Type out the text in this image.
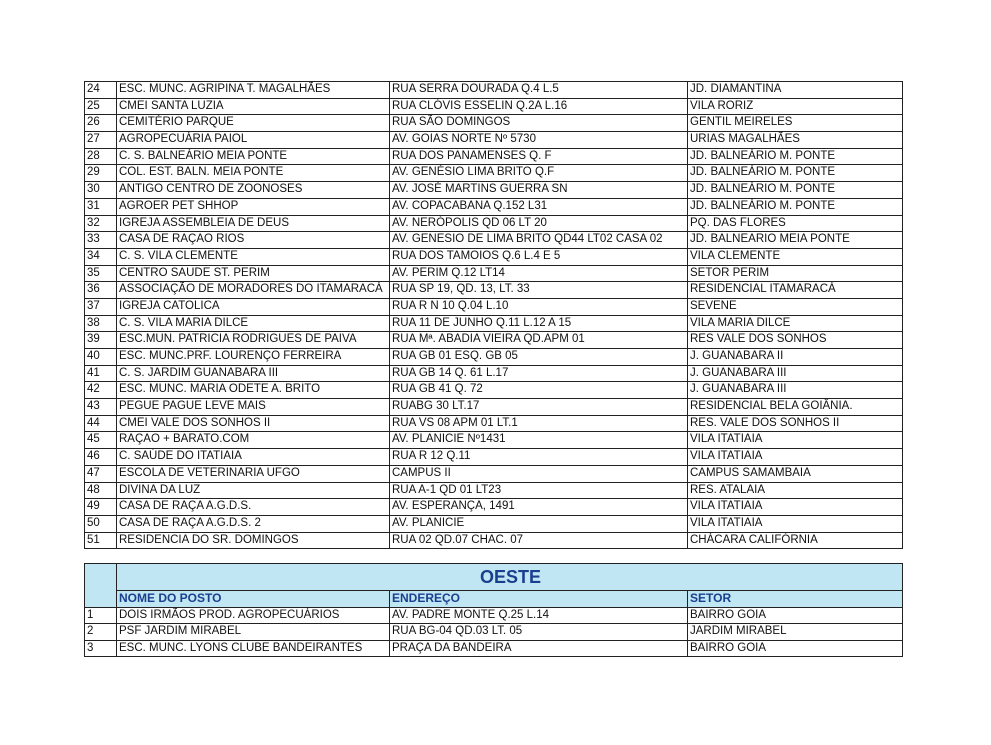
24	ESC. MUNC. AGRIPINA T. MAGALHÃES	RUA SERRA DOURADA Q.4 L.5	JD. DIAMANTINA
25	CMEI SANTA LUZIA	RUA CLÓVIS ESSELIN Q.2A L.16	VILA RORIZ
26	CEMITÉRIO PARQUE	RUA SÃO DOMINGOS	GENTIL MEIRELES
27	AGROPECUÁRIA PAIOL	AV. GOIAS NORTE Nº 5730	URIAS MAGALHÃES
28	C. S. BALNEÁRIO MEIA PONTE	RUA DOS PANAMENSES Q. F	JD. BALNEÁRIO M. PONTE
29	COL. EST. BALN. MEIA PONTE	AV. GENÉSIO LIMA BRITO Q.F	JD. BALNEÁRIO M. PONTE
30	ANTIGO CENTRO DE ZOONOSES	AV. JOSÉ MARTINS GUERRA SN	JD. BALNEÁRIO M. PONTE
31	AGROER PET SHHOP	AV. COPACABANA Q.152 L31	JD. BALNEÁRIO M. PONTE
32	IGREJA ASSEMBLEIA DE DEUS	AV. NERÓPOLIS QD 06 LT 20	PQ. DAS FLORES
33	CASA DE RAÇAO RIOS	AV. GENESIO DE LIMA BRITO QD44 LT02 CASA 02	JD. BALNEARIO MEIA PONTE
34	C. S. VILA CLEMENTE	RUA DOS TAMOIOS Q.6 L.4 E 5	VILA CLEMENTE
35	CENTRO SAUDE ST. PERIM	AV. PERIM Q.12 LT14	SETOR PERIM
36	ASSOCIAÇÃO DE MORADORES DO ITAMARACÁ	RUA SP 19, QD. 13, LT. 33	RESIDENCIAL ITAMARACÁ
37	IGREJA CATOLICA	RUA R N 10 Q.04 L.10	SEVENE
38	C. S. VILA MARIA DILCE	RUA 11 DE JUNHO Q.11 L.12 A 15	VILA MARIA DILCE
39	ESC.MUN. PATRICIA RODRIGUES DE PAIVA	RUA Mª. ABADIA VIEIRA QD.APM 01	RES VALE DOS SONHOS
40	ESC. MUNC.PRF. LOURENÇO FERREIRA	RUA GB 01 ESQ. GB 05	J. GUANABARA II
41	C. S. JARDIM GUANABARA III	RUA GB 14 Q. 61 L.17	J. GUANABARA III
42	ESC. MUNC. MARIA ODETE A. BRITO	RUA GB 41 Q. 72	J. GUANABARA III
43	PEGUE PAGUE LEVE MAIS	RUABG 30 LT.17	RESIDENCIAL BELA GOIÂNIA.
44	CMEI VALE DOS SONHOS II	RUA VS 08 APM 01 LT.1	RES. VALE DOS SONHOS II
45	RAÇAO + BARATO.COM	AV. PLANICIE Nº1431	VILA ITATIAIA
46	C. SAÚDE DO ITATIAIA	RUA R 12 Q.11	VILA ITATIAIA
47	ESCOLA DE VETERINARIA UFGO	CAMPUS II	CAMPUS SAMAMBAIA
48	DIVINA DA LUZ	RUA A-1 QD 01 LT23	RES. ATALAIA
49	CASA DE RAÇA A.G.D.S.	AV. ESPERANÇA, 1491	VILA ITATIAIA
50	CASA DE RAÇA A.G.D.S. 2	AV. PLANICIE	VILA ITATIAIA
51	RESIDENCIA DO SR. DOMINGOS	RUA 02 QD.07 CHAC. 07	CHÁCARA CALIFÓRNIA
	OESTE		
	NOME DO POSTO	ENDEREÇO	SETOR
1	DOIS IRMÃOS PROD. AGROPECUÁRIOS	AV. PADRE MONTE Q.25 L.14	BAIRRO GOIA
2	PSF JARDIM MIRABEL	RUA BG-04 QD.03 LT. 05	JARDIM MIRABEL
3	ESC. MUNC. LYONS CLUBE BANDEIRANTES	PRAÇA DA BANDEIRA	BAIRRO GOIA
